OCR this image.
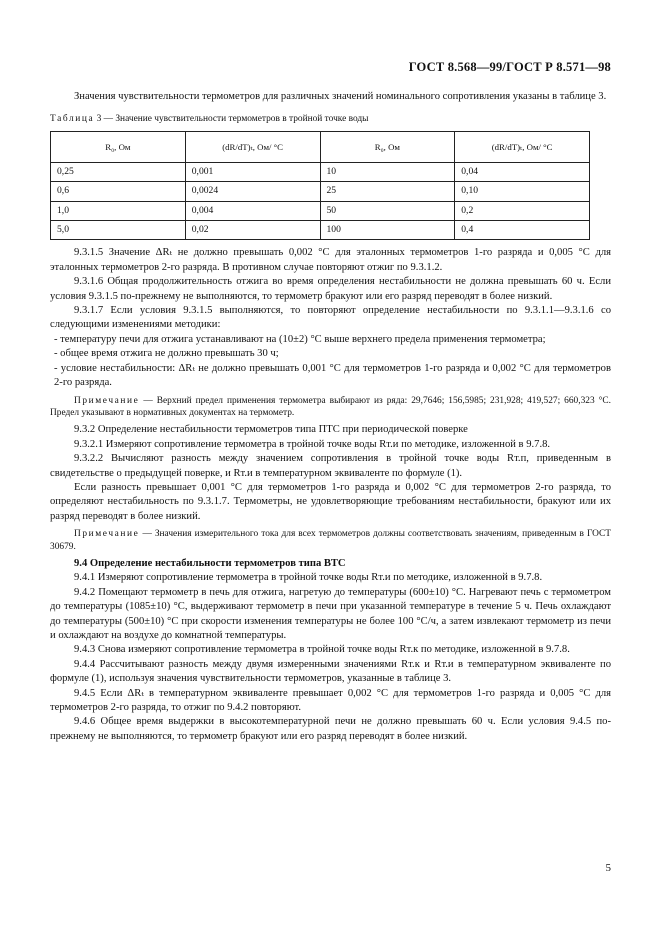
ГОСТ 8.568—99/ГОСТ Р 8.571—98

Значения чувствительности термометров для различных значений номинального сопротивления указаны в таблице 3.

Таблица 3 — Значение чувствительности термометров в тройной точке воды

R₀, Ом	(dR/dT)ₜ, Ом/ °С	R₀, Ом	(dR/dT)ₜ, Ом/ °С
0,25	0,001	10	0,04
0,6	0,0024	25	0,10
1,0	0,004	50	0,2
5,0	0,02	100	0,4

9.3.1.5 Значение ΔRₜ не должно превышать 0,002 °С для эталонных термометров 1-го разряда и 0,005 °С для эталонных термометров 2-го разряда. В противном случае повторяют отжиг по 9.3.1.2.

9.3.1.6 Общая продолжительность отжига во время определения нестабильности не должна превышать 60 ч. Если условия 9.3.1.5 по-прежнему не выполняются, то термометр бракуют или его разряд переводят в более низкий.

9.3.1.7 Если условия 9.3.1.5 выполняются, то повторяют определение нестабильности по 9.3.1.1—9.3.1.6 со следующими изменениями методики:

- температуру печи для отжига устанавливают на (10±2) °С выше верхнего предела применения термометра;

- общее время отжига не должно превышать 30 ч;

- условие нестабильности: ΔRₜ не должно превышать 0,001 °С для термометров 1-го разряда и 0,002 °С для термометров 2-го разряда.

Примечание — Верхний предел применения термометра выбирают из ряда: 29,7646; 156,5985; 231,928; 419,527; 660,323 °С. Предел указывают в нормативных документах на термометр.

9.3.2 Определение нестабильности термометров типа ПТС при периодической поверке

9.3.2.1 Измеряют сопротивление термометра в тройной точке воды Rт.и по методике, изложенной в 9.7.8.

9.3.2.2 Вычисляют разность между значением сопротивления в тройной точке воды Rт.п, приведенным в свидетельстве о предыдущей поверке, и Rт.и в температурном эквиваленте по формуле (1).

Если разность превышает 0,001 °С для термометров 1-го разряда и 0,002 °С для термометров 2-го разряда, то определяют нестабильность по 9.3.1.7. Термометры, не удовлетворяющие требованиям нестабильности, бракуют или их разряд переводят в более низкий.

Примечание — Значения измерительного тока для всех термометров должны соответствовать значениям, приведенным в ГОСТ 30679.

9.4 Определение нестабильности термометров типа ВТС

9.4.1 Измеряют сопротивление термометра в тройной точке воды Rт.и по методике, изложенной в 9.7.8.

9.4.2 Помещают термометр в печь для отжига, нагретую до температуры (600±10) °С. Нагревают печь с термометром до температуры (1085±10) °С, выдерживают термометр в печи при указанной температуре в течение 5 ч. Печь охлаждают до температуры (500±10) °С при скорости изменения температуры не более 100 °С/ч, а затем извлекают термометр из печи и охлаждают на воздухе до комнатной температуры.

9.4.3 Снова измеряют сопротивление термометра в тройной точке воды Rт.к по методике, изложенной в 9.7.8.

9.4.4 Рассчитывают разность между двумя измеренными значениями Rт.к и Rт.и в температурном эквиваленте по формуле (1), используя значения чувствительности термометров, указанные в таблице 3.

9.4.5 Если ΔRₜ в температурном эквиваленте превышает 0,002 °С для термометров 1-го разряда и 0,005 °С для термометров 2-го разряда, то отжиг по 9.4.2 повторяют.

9.4.6 Общее время выдержки в высокотемпературной печи не должно превышать 60 ч. Если условия 9.4.5 по-прежнему не выполняются, то термометр бракуют или его разряд переводят в более низкий.

5
